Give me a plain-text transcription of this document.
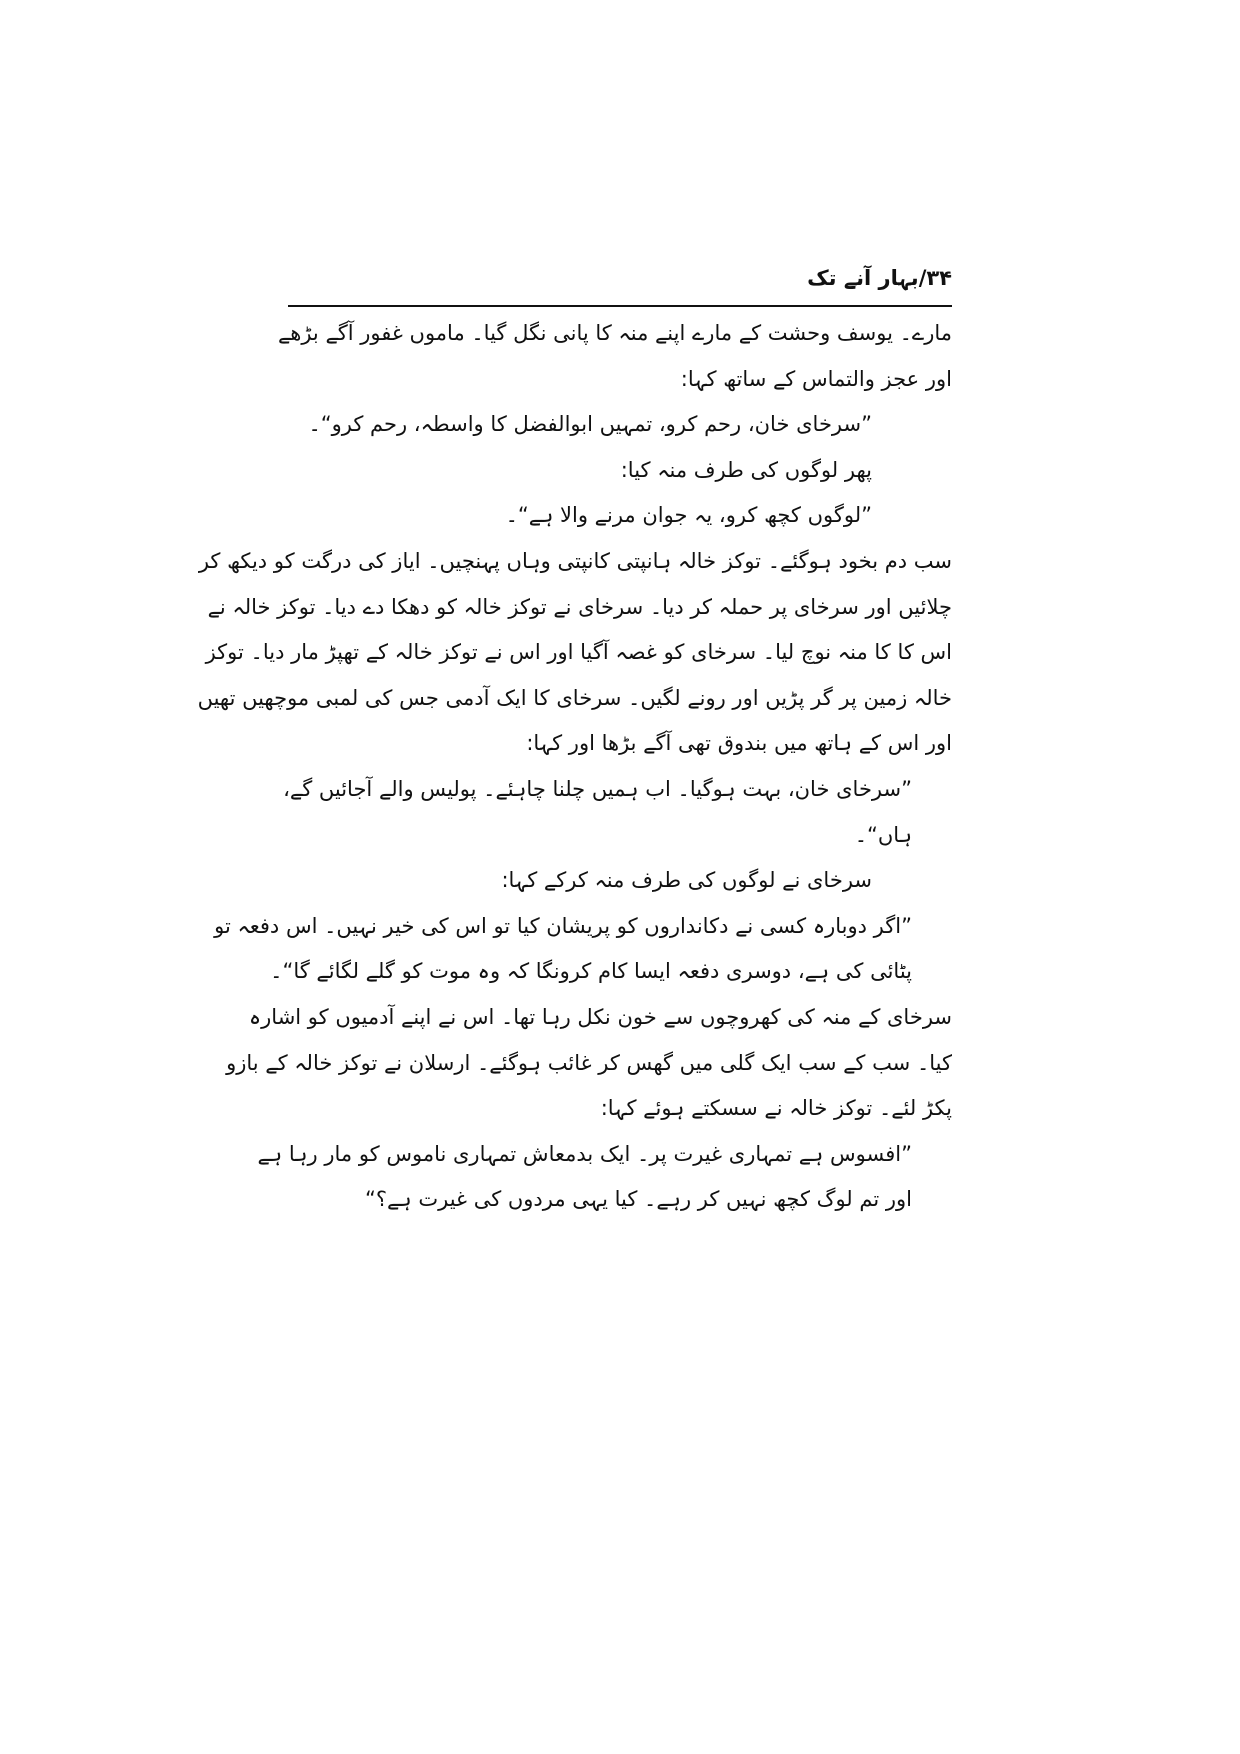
۳۴/بہار آنے تک
مارے۔ یوسف وحشت کے مارے اپنے منہ کا پانی نگل گیا۔ ماموں غفور آگے بڑھے
اور عجز والتماس کے ساتھ کہا:
”سرخای خان، رحم کرو، تمہیں ابوالفضل کا واسطہ، رحم کرو“۔
پھر لوگوں کی طرف منہ کیا:
”لوگوں کچھ کرو، یہ جوان مرنے والا ہے“۔
سب دم بخود ہوگئے۔ توکز خالہ ہانپتی کانپتی وہاں پہنچیں۔ ایاز کی درگت کو دیکھ کر
چلائیں اور سرخای پر حملہ کر دیا۔ سرخای نے توکز خالہ کو دھکا دے دیا۔ توکز خالہ نے
اس کا کا منہ نوچ لیا۔ سرخای کو غصہ آگیا اور اس نے توکز خالہ کے تھپڑ مار دیا۔ توکز
خالہ زمین پر گر پڑیں اور رونے لگیں۔ سرخای کا ایک آدمی جس کی لمبی موچھیں تھیں
اور اس کے ہاتھ میں بندوق تھی آگے بڑھا اور کہا:
”سرخای خان، بہت ہوگیا۔ اب ہمیں چلنا چاہئے۔ پولیس والے آجائیں گے،
ہاں“۔
سرخای نے لوگوں کی طرف منہ کرکے کہا:
”اگر دوبارہ کسی نے دکانداروں کو پریشان کیا تو اس کی خیر نہیں۔ اس دفعہ تو
پٹائی کی ہے، دوسری دفعہ ایسا کام کرونگا کہ وہ موت کو گلے لگائے گا“۔
سرخای کے منہ کی کھروچوں سے خون نکل رہا تھا۔ اس نے اپنے آدمیوں کو اشارہ
کیا۔ سب کے سب ایک گلی میں گھس کر غائب ہوگئے۔ ارسلان نے توکز خالہ کے بازو
پکڑ لئے۔ توکز خالہ نے سسکتے ہوئے کہا:
”افسوس ہے تمہاری غیرت پر۔ ایک بدمعاش تمہاری ناموس کو مار رہا ہے
اور تم لوگ کچھ نہیں کر رہے۔ کیا یہی مردوں کی غیرت ہے؟“
